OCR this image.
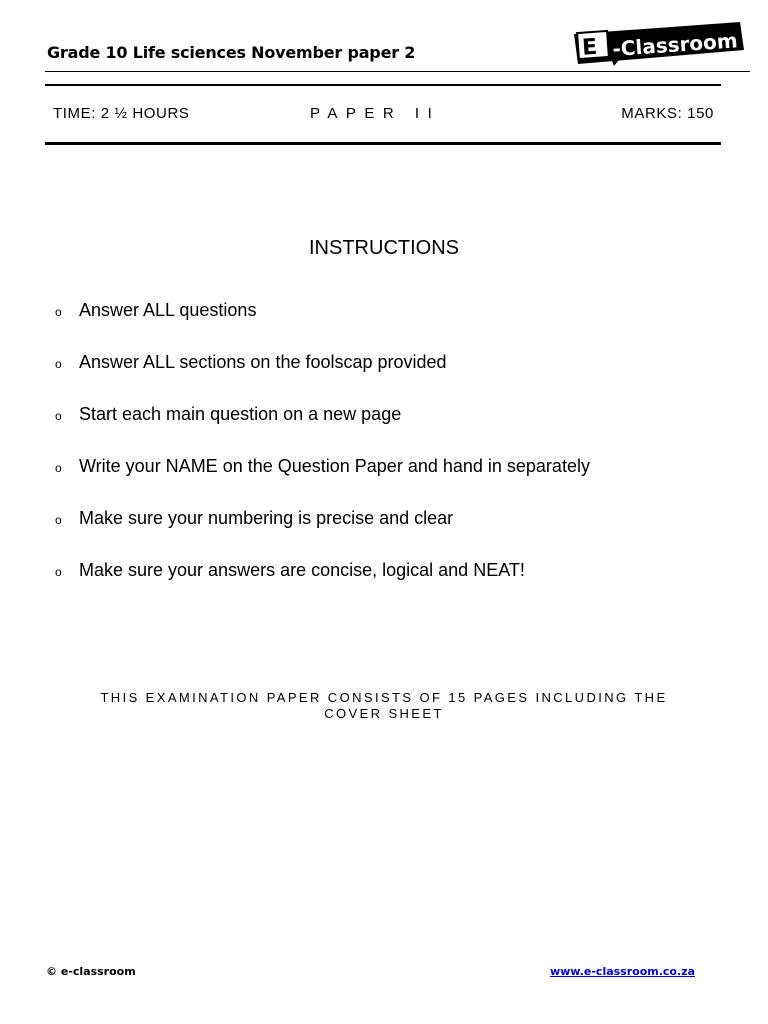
Grade 10 Life sciences November paper 2	E -Classroom
TIME: 2 ½ HOURS	PAPER II	MARKS: 150
INSTRUCTIONS
o Answer ALL questions
o Answer ALL sections on the foolscap provided
o Start each main question on a new page
o Write your NAME on the Question Paper and hand in separately
o Make sure your numbering is precise and clear
o Make sure your answers are concise, logical and NEAT!
THIS EXAMINATION PAPER CONSISTS OF 15 PAGES INCLUDING THE COVER SHEET
© e-classroom	www.e-classroom.co.za
